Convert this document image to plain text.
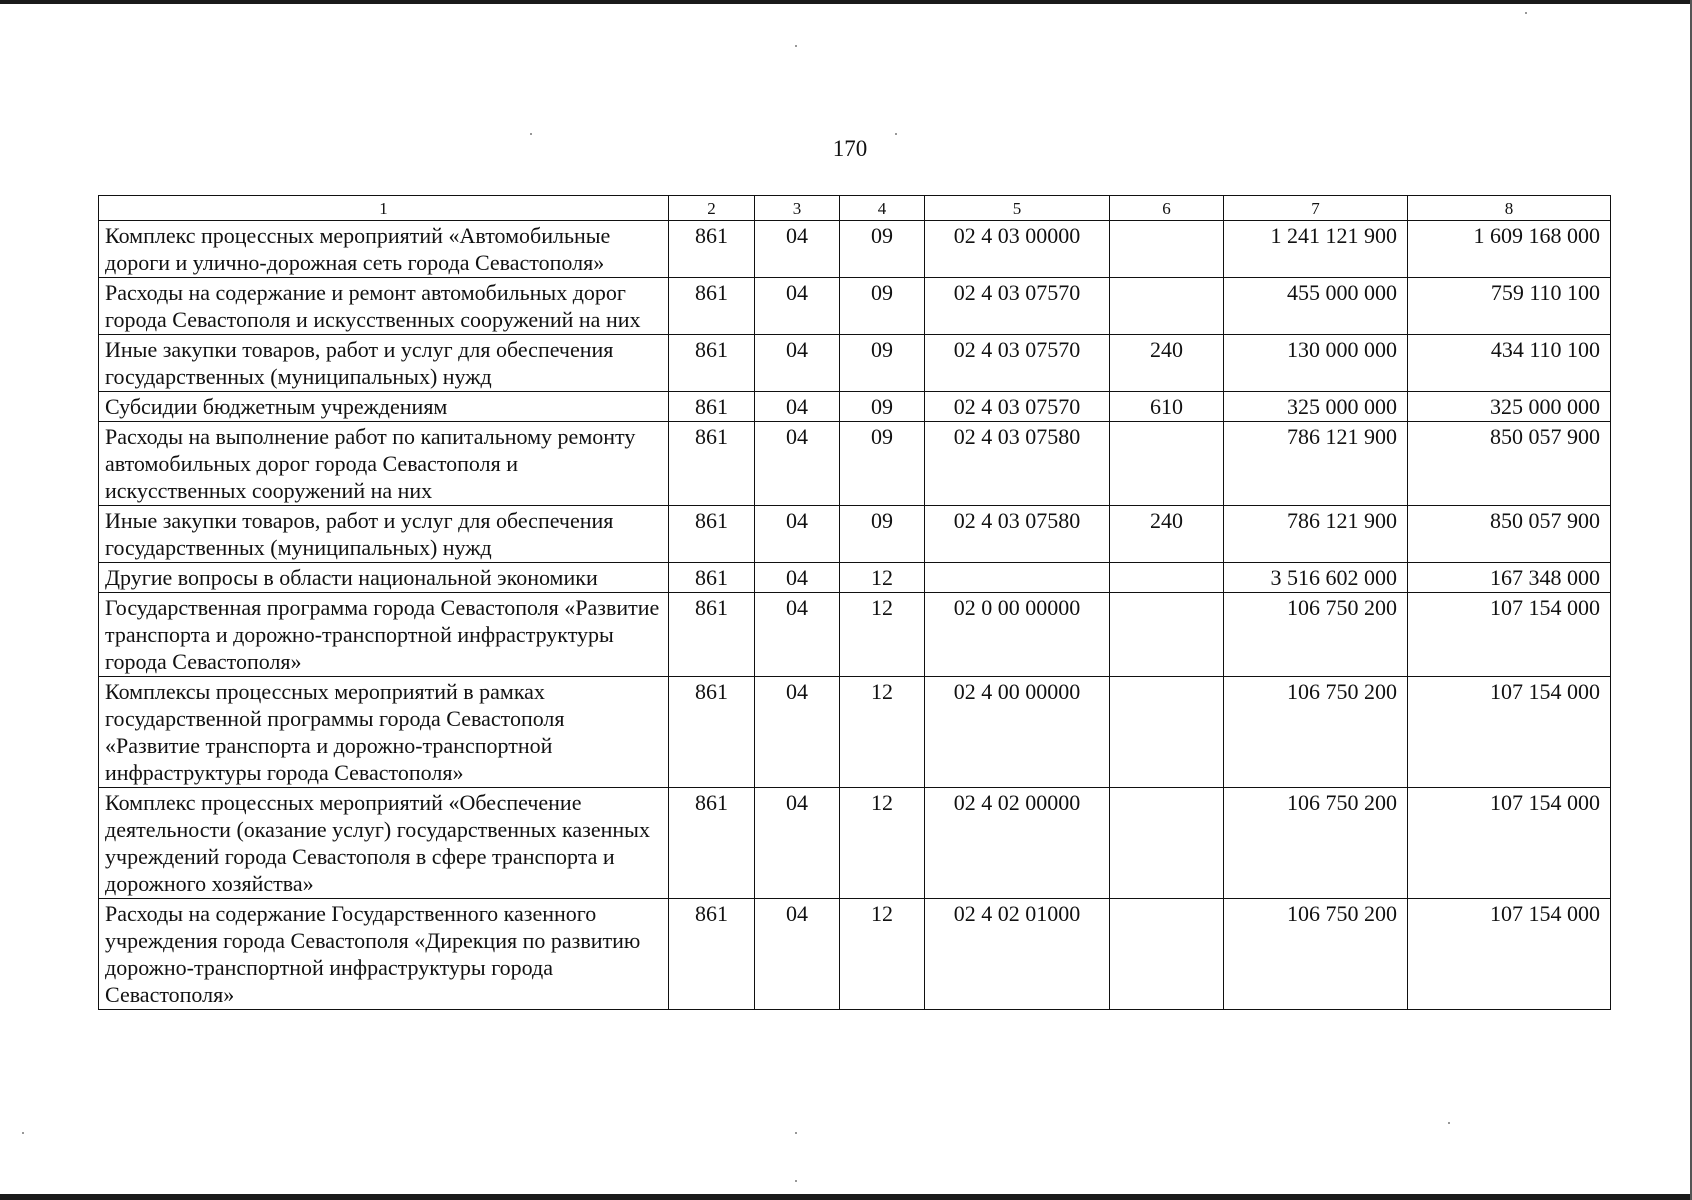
170
1	2	3	4	5	6	7	8
Комплекс процессных мероприятий «Автомобильные дороги и улично-дорожная сеть города Севастополя»	861	04	09	02 4 03 00000		1 241 121 900	1 609 168 000
Расходы на содержание и ремонт автомобильных дорог города Севастополя и искусственных сооружений на них	861	04	09	02 4 03 07570		455 000 000	759 110 100
Иные закупки товаров, работ и услуг для обеспечения государственных (муниципальных) нужд	861	04	09	02 4 03 07570	240	130 000 000	434 110 100
Субсидии бюджетным учреждениям	861	04	09	02 4 03 07570	610	325 000 000	325 000 000
Расходы на выполнение работ по капитальному ремонту автомобильных дорог города Севастополя и искусственных сооружений на них	861	04	09	02 4 03 07580		786 121 900	850 057 900
Иные закупки товаров, работ и услуг для обеспечения государственных (муниципальных) нужд	861	04	09	02 4 03 07580	240	786 121 900	850 057 900
Другие вопросы в области национальной экономики	861	04	12			3 516 602 000	167 348 000
Государственная программа города Севастополя «Развитие транспорта и дорожно-транспортной инфраструктуры города Севастополя»	861	04	12	02 0 00 00000		106 750 200	107 154 000
Комплексы процессных мероприятий в рамках государственной программы города Севастополя «Развитие транспорта и дорожно-транспортной инфраструктуры города Севастополя»	861	04	12	02 4 00 00000		106 750 200	107 154 000
Комплекс процессных мероприятий «Обеспечение деятельности (оказание услуг) государственных казенных учреждений города Севастополя в сфере транспорта и дорожного хозяйства»	861	04	12	02 4 02 00000		106 750 200	107 154 000
Расходы на содержание Государственного казенного учреждения города Севастополя «Дирекция по развитию дорожно-транспортной инфраструктуры города Севастополя»	861	04	12	02 4 02 01000		106 750 200	107 154 000
